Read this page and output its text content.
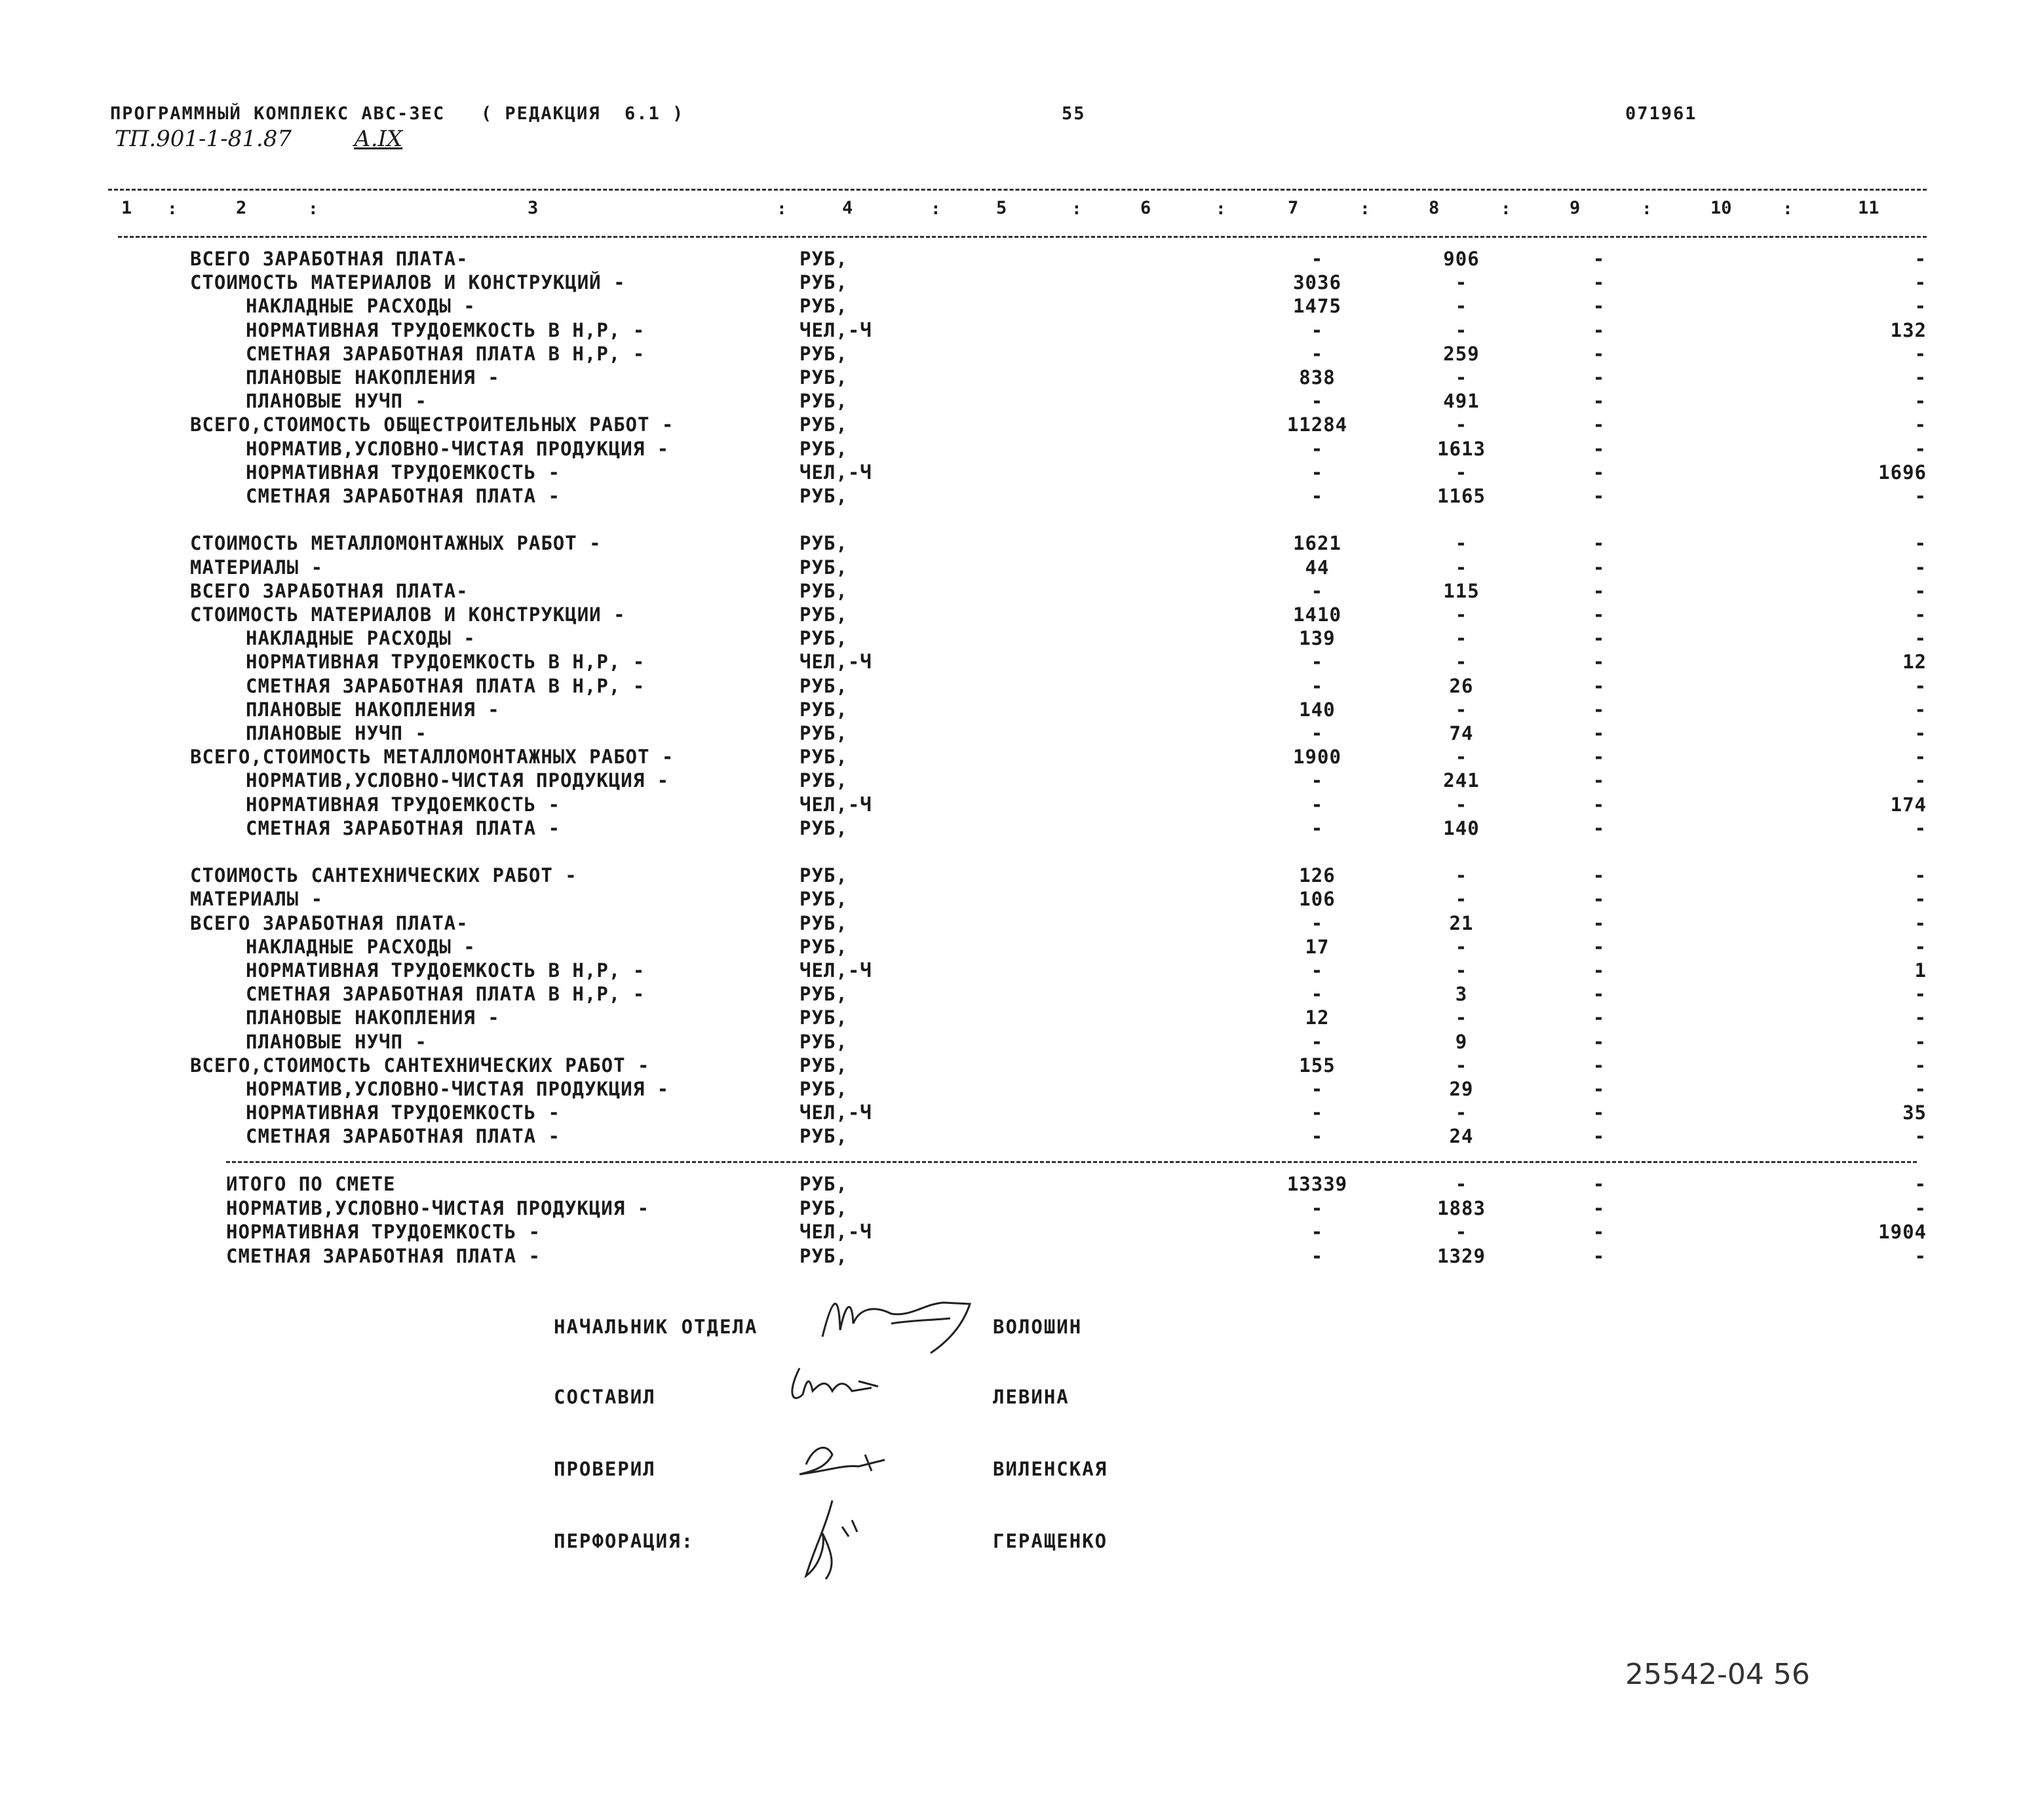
ПРОГРАММНЫЙ КОМПЛЕКС АВС-ЗЕС   ( РЕДАКЦИЯ  6.1 )	55	071961
ТП.901-1-81.87	А.IX
1	2	3	4	5	6	7	8	9	10	11
:	:	:	:	:	:	:	:	:	:
ВСЕГО ЗАРАБОТНАЯ ПЛАТА-	РУБ,	-	906	-	-
СТОИМОСТЬ МАТЕРИАЛОВ И КОНСТРУКЦИЙ -	РУБ,	3036	-	-	-
НАКЛАДНЫЕ РАСХОДЫ -	РУБ,	1475	-	-	-
НОРМАТИВНАЯ ТРУДОЕМКОСТЬ В Н,Р, -	ЧЕЛ,-Ч	-	-	-	132
СМЕТНАЯ ЗАРАБОТНАЯ ПЛАТА В Н,Р, -	РУБ,	-	259	-	-
ПЛАНОВЫЕ НАКОПЛЕНИЯ -	РУБ,	838	-	-	-
ПЛАНОВЫЕ НУЧП -	РУБ,	-	491	-	-
ВСЕГО,СТОИМОСТЬ ОБЩЕСТРОИТЕЛЬНЫХ РАБОТ -	РУБ,	11284	-	-	-
НОРМАТИВ,УСЛОВНО-ЧИСТАЯ ПРОДУКЦИЯ -	РУБ,	-	1613	-	-
НОРМАТИВНАЯ ТРУДОЕМКОСТЬ -	ЧЕЛ,-Ч	-	-	-	1696
СМЕТНАЯ ЗАРАБОТНАЯ ПЛАТА -	РУБ,	-	1165	-	-
СТОИМОСТЬ МЕТАЛЛОМОНТАЖНЫХ РАБОТ -	РУБ,	1621	-	-	-
МАТЕРИАЛЫ -	РУБ,	44	-	-	-
ВСЕГО ЗАРАБОТНАЯ ПЛАТА-	РУБ,	-	115	-	-
СТОИМОСТЬ МАТЕРИАЛОВ И КОНСТРУКЦИИ -	РУБ,	1410	-	-	-
НАКЛАДНЫЕ РАСХОДЫ -	РУБ,	139	-	-	-
НОРМАТИВНАЯ ТРУДОЕМКОСТЬ В Н,Р, -	ЧЕЛ,-Ч	-	-	-	12
СМЕТНАЯ ЗАРАБОТНАЯ ПЛАТА В Н,Р, -	РУБ,	-	26	-	-
ПЛАНОВЫЕ НАКОПЛЕНИЯ -	РУБ,	140	-	-	-
ПЛАНОВЫЕ НУЧП -	РУБ,	-	74	-	-
ВСЕГО,СТОИМОСТЬ МЕТАЛЛОМОНТАЖНЫХ РАБОТ -	РУБ,	1900	-	-	-
НОРМАТИВ,УСЛОВНО-ЧИСТАЯ ПРОДУКЦИЯ -	РУБ,	-	241	-	-
НОРМАТИВНАЯ ТРУДОЕМКОСТЬ -	ЧЕЛ,-Ч	-	-	-	174
СМЕТНАЯ ЗАРАБОТНАЯ ПЛАТА -	РУБ,	-	140	-	-
СТОИМОСТЬ САНТЕХНИЧЕСКИХ РАБОТ -	РУБ,	126	-	-	-
МАТЕРИАЛЫ -	РУБ,	106	-	-	-
ВСЕГО ЗАРАБОТНАЯ ПЛАТА-	РУБ,	-	21	-	-
НАКЛАДНЫЕ РАСХОДЫ -	РУБ,	17	-	-	-
НОРМАТИВНАЯ ТРУДОЕМКОСТЬ В Н,Р, -	ЧЕЛ,-Ч	-	-	-	1
СМЕТНАЯ ЗАРАБОТНАЯ ПЛАТА В Н,Р, -	РУБ,	-	3	-	-
ПЛАНОВЫЕ НАКОПЛЕНИЯ -	РУБ,	12	-	-	-
ПЛАНОВЫЕ НУЧП -	РУБ,	-	9	-	-
ВСЕГО,СТОИМОСТЬ САНТЕХНИЧЕСКИХ РАБОТ -	РУБ,	155	-	-	-
НОРМАТИВ,УСЛОВНО-ЧИСТАЯ ПРОДУКЦИЯ -	РУБ,	-	29	-	-
НОРМАТИВНАЯ ТРУДОЕМКОСТЬ -	ЧЕЛ,-Ч	-	-	-	35
СМЕТНАЯ ЗАРАБОТНАЯ ПЛАТА -	РУБ,	-	24	-	-
ИТОГО ПО СМЕТЕ	РУБ,	13339	-	-	-
НОРМАТИВ,УСЛОВНО-ЧИСТАЯ ПРОДУКЦИЯ -	РУБ,	-	1883	-	-
НОРМАТИВНАЯ ТРУДОЕМКОСТЬ -	ЧЕЛ,-Ч	-	-	-	1904
СМЕТНАЯ ЗАРАБОТНАЯ ПЛАТА -	РУБ,	-	1329	-	-
НАЧАЛЬНИК ОТДЕЛА	ВОЛОШИН
СОСТАВИЛ	ЛЕВИНА
ПРОВЕРИЛ	ВИЛЕНСКАЯ
ПЕРФОРАЦИЯ:	ГЕРАЩЕНКО
25542-04 56
